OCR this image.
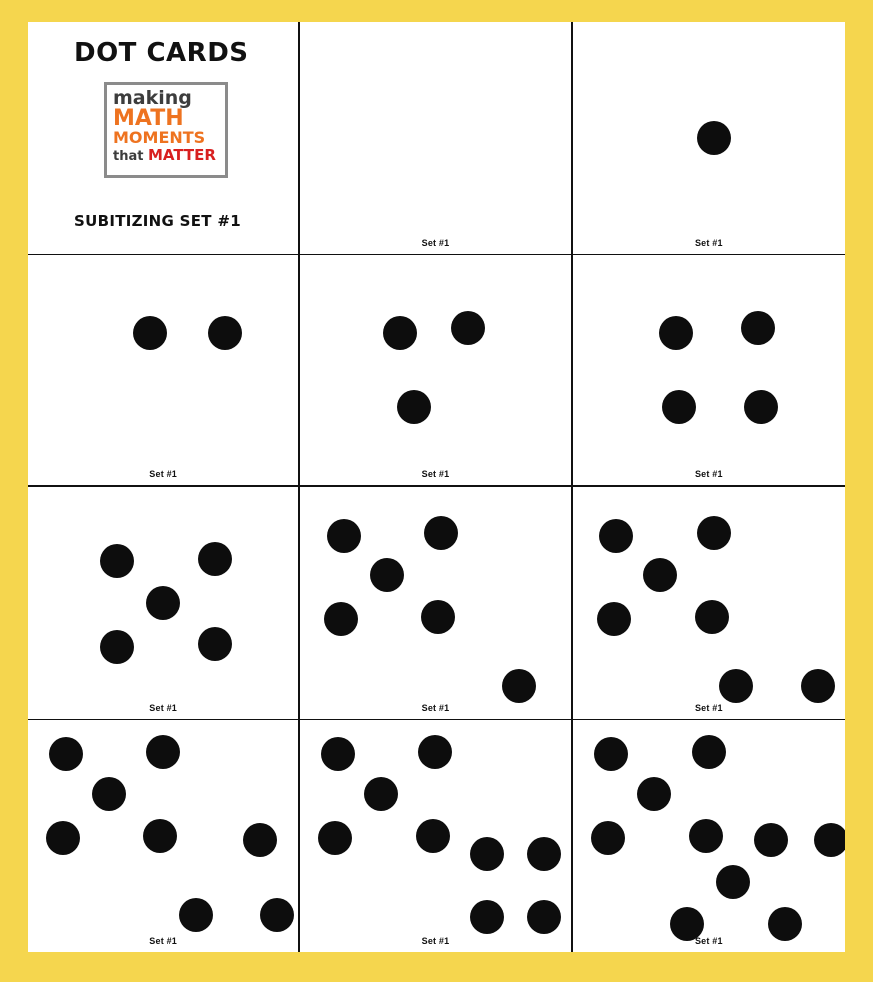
DOT CARDS
making
MATH
MOMENTS
that MATTER
SUBITIZING SET #1
Set #1	Set #1
Set #1	Set #1	Set #1
Set #1	Set #1	Set #1
Set #1	Set #1	Set #1
